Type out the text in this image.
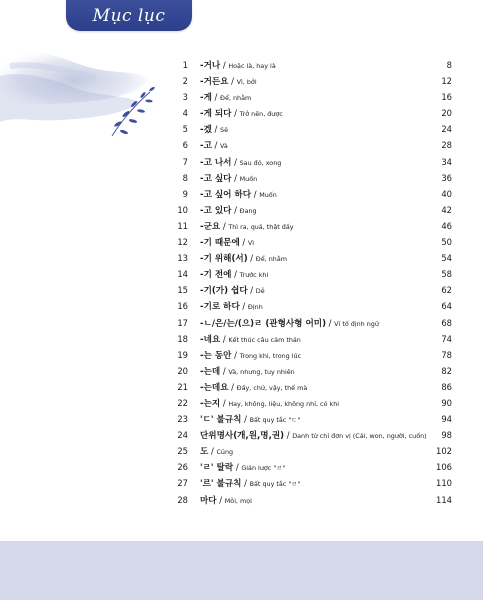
Mục lục
1 -거나 / Hoặc là, hay là	8
2 -거든요 / Vì, bởi	12
3 -게 / Để, nhằm	16
4 -게 되다 / Trở nên, được	20
5 -겠 / Sẽ	24
6 -고 / Và	28
7 -고 나서 / Sau đó, xong	34
8 -고 싶다 / Muốn	36
9 -고 싶어 하다 / Muốn	40
10 -고 있다 / Đang	42
11 -군요 / Thì ra, quá, thật đấy	46
12 -기 때문에 / Vì	50
13 -기 위해(서) / Để, nhằm	54
14 -기 전에 / Trước khi	58
15 -기(가) 쉽다 / Dễ	62
16 -기로 하다 / Định	64
17 -ㄴ/은/는/(으)ㄹ (관형사형 어미) / Vĩ tố định ngữ	68
18 -네요 / Kết thúc câu cảm thán	74
19 -는 동안 / Trong khi, trong lúc	78
20 -는데 / Và, nhưng, tuy nhiên	82
21 -는데요 / Đấy, chứ, vậy, thế mà	86
22 -는지 / Hay, không, liệu, không nhỉ, có khi	90
23 'ㄷ' 불규칙 / Bất quy tắc "ㄷ"	94
24 단위명사(개,원,명,권) / Danh từ chỉ đơn vị (Cái, won, người, cuốn)	98
25 도 / Cũng	102
26 'ㄹ' 탈락 / Giản lược "ㄹ"	106
27 '르' 불규칙 / Bất quy tắc "ㄹ"	110
28 마다 / Mỗi, mọi	114
